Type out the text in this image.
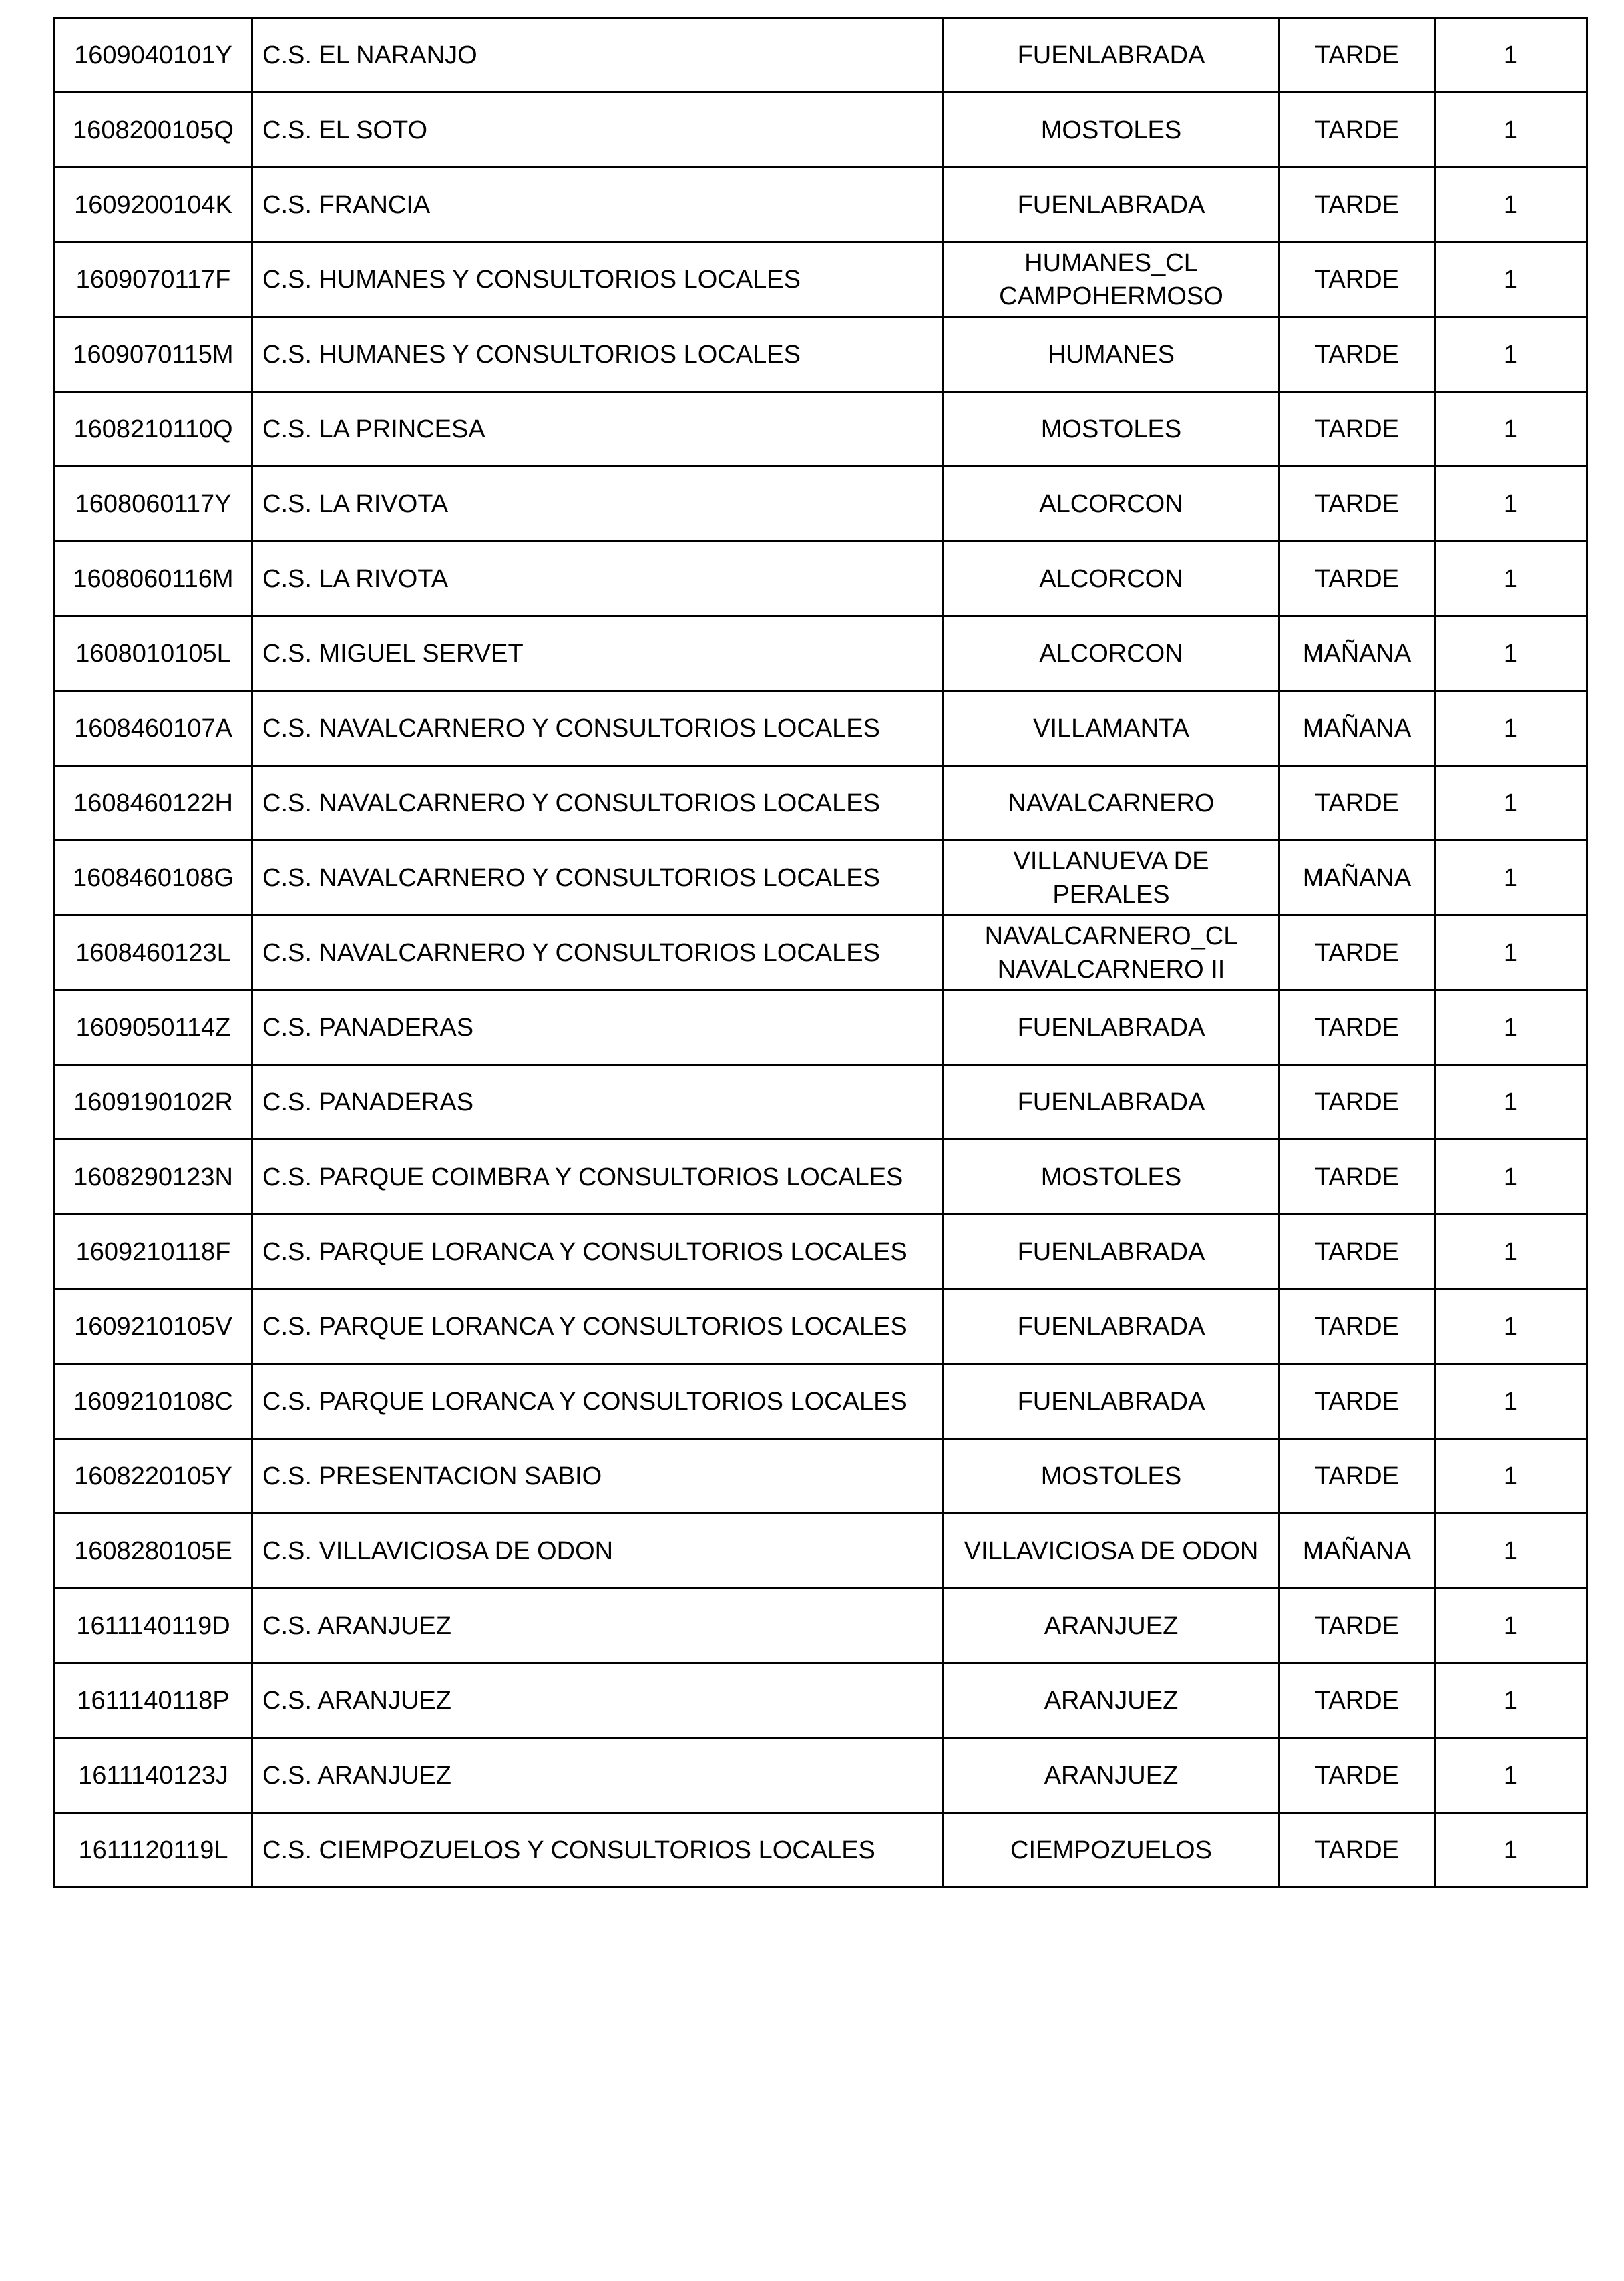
1609040101Y	C.S. EL NARANJO	FUENLABRADA	TARDE	1
1608200105Q	C.S. EL SOTO	MOSTOLES	TARDE	1
1609200104K	C.S. FRANCIA	FUENLABRADA	TARDE	1
1609070117F	C.S. HUMANES Y CONSULTORIOS LOCALES	HUMANES_CL CAMPOHERMOSO	TARDE	1
1609070115M	C.S. HUMANES Y CONSULTORIOS LOCALES	HUMANES	TARDE	1
1608210110Q	C.S. LA PRINCESA	MOSTOLES	TARDE	1
1608060117Y	C.S. LA RIVOTA	ALCORCON	TARDE	1
1608060116M	C.S. LA RIVOTA	ALCORCON	TARDE	1
1608010105L	C.S. MIGUEL SERVET	ALCORCON	MAÑANA	1
1608460107A	C.S. NAVALCARNERO Y CONSULTORIOS LOCALES	VILLAMANTA	MAÑANA	1
1608460122H	C.S. NAVALCARNERO Y CONSULTORIOS LOCALES	NAVALCARNERO	TARDE	1
1608460108G	C.S. NAVALCARNERO Y CONSULTORIOS LOCALES	VILLANUEVA DE PERALES	MAÑANA	1
1608460123L	C.S. NAVALCARNERO Y CONSULTORIOS LOCALES	NAVALCARNERO_CL NAVALCARNERO II	TARDE	1
1609050114Z	C.S. PANADERAS	FUENLABRADA	TARDE	1
1609190102R	C.S. PANADERAS	FUENLABRADA	TARDE	1
1608290123N	C.S. PARQUE COIMBRA Y CONSULTORIOS LOCALES	MOSTOLES	TARDE	1
1609210118F	C.S. PARQUE LORANCA Y CONSULTORIOS LOCALES	FUENLABRADA	TARDE	1
1609210105V	C.S. PARQUE LORANCA Y CONSULTORIOS LOCALES	FUENLABRADA	TARDE	1
1609210108C	C.S. PARQUE LORANCA Y CONSULTORIOS LOCALES	FUENLABRADA	TARDE	1
1608220105Y	C.S. PRESENTACION SABIO	MOSTOLES	TARDE	1
1608280105E	C.S. VILLAVICIOSA DE ODON	VILLAVICIOSA DE ODON	MAÑANA	1
1611140119D	C.S. ARANJUEZ	ARANJUEZ	TARDE	1
1611140118P	C.S. ARANJUEZ	ARANJUEZ	TARDE	1
1611140123J	C.S. ARANJUEZ	ARANJUEZ	TARDE	1
1611120119L	C.S. CIEMPOZUELOS Y CONSULTORIOS LOCALES	CIEMPOZUELOS	TARDE	1
